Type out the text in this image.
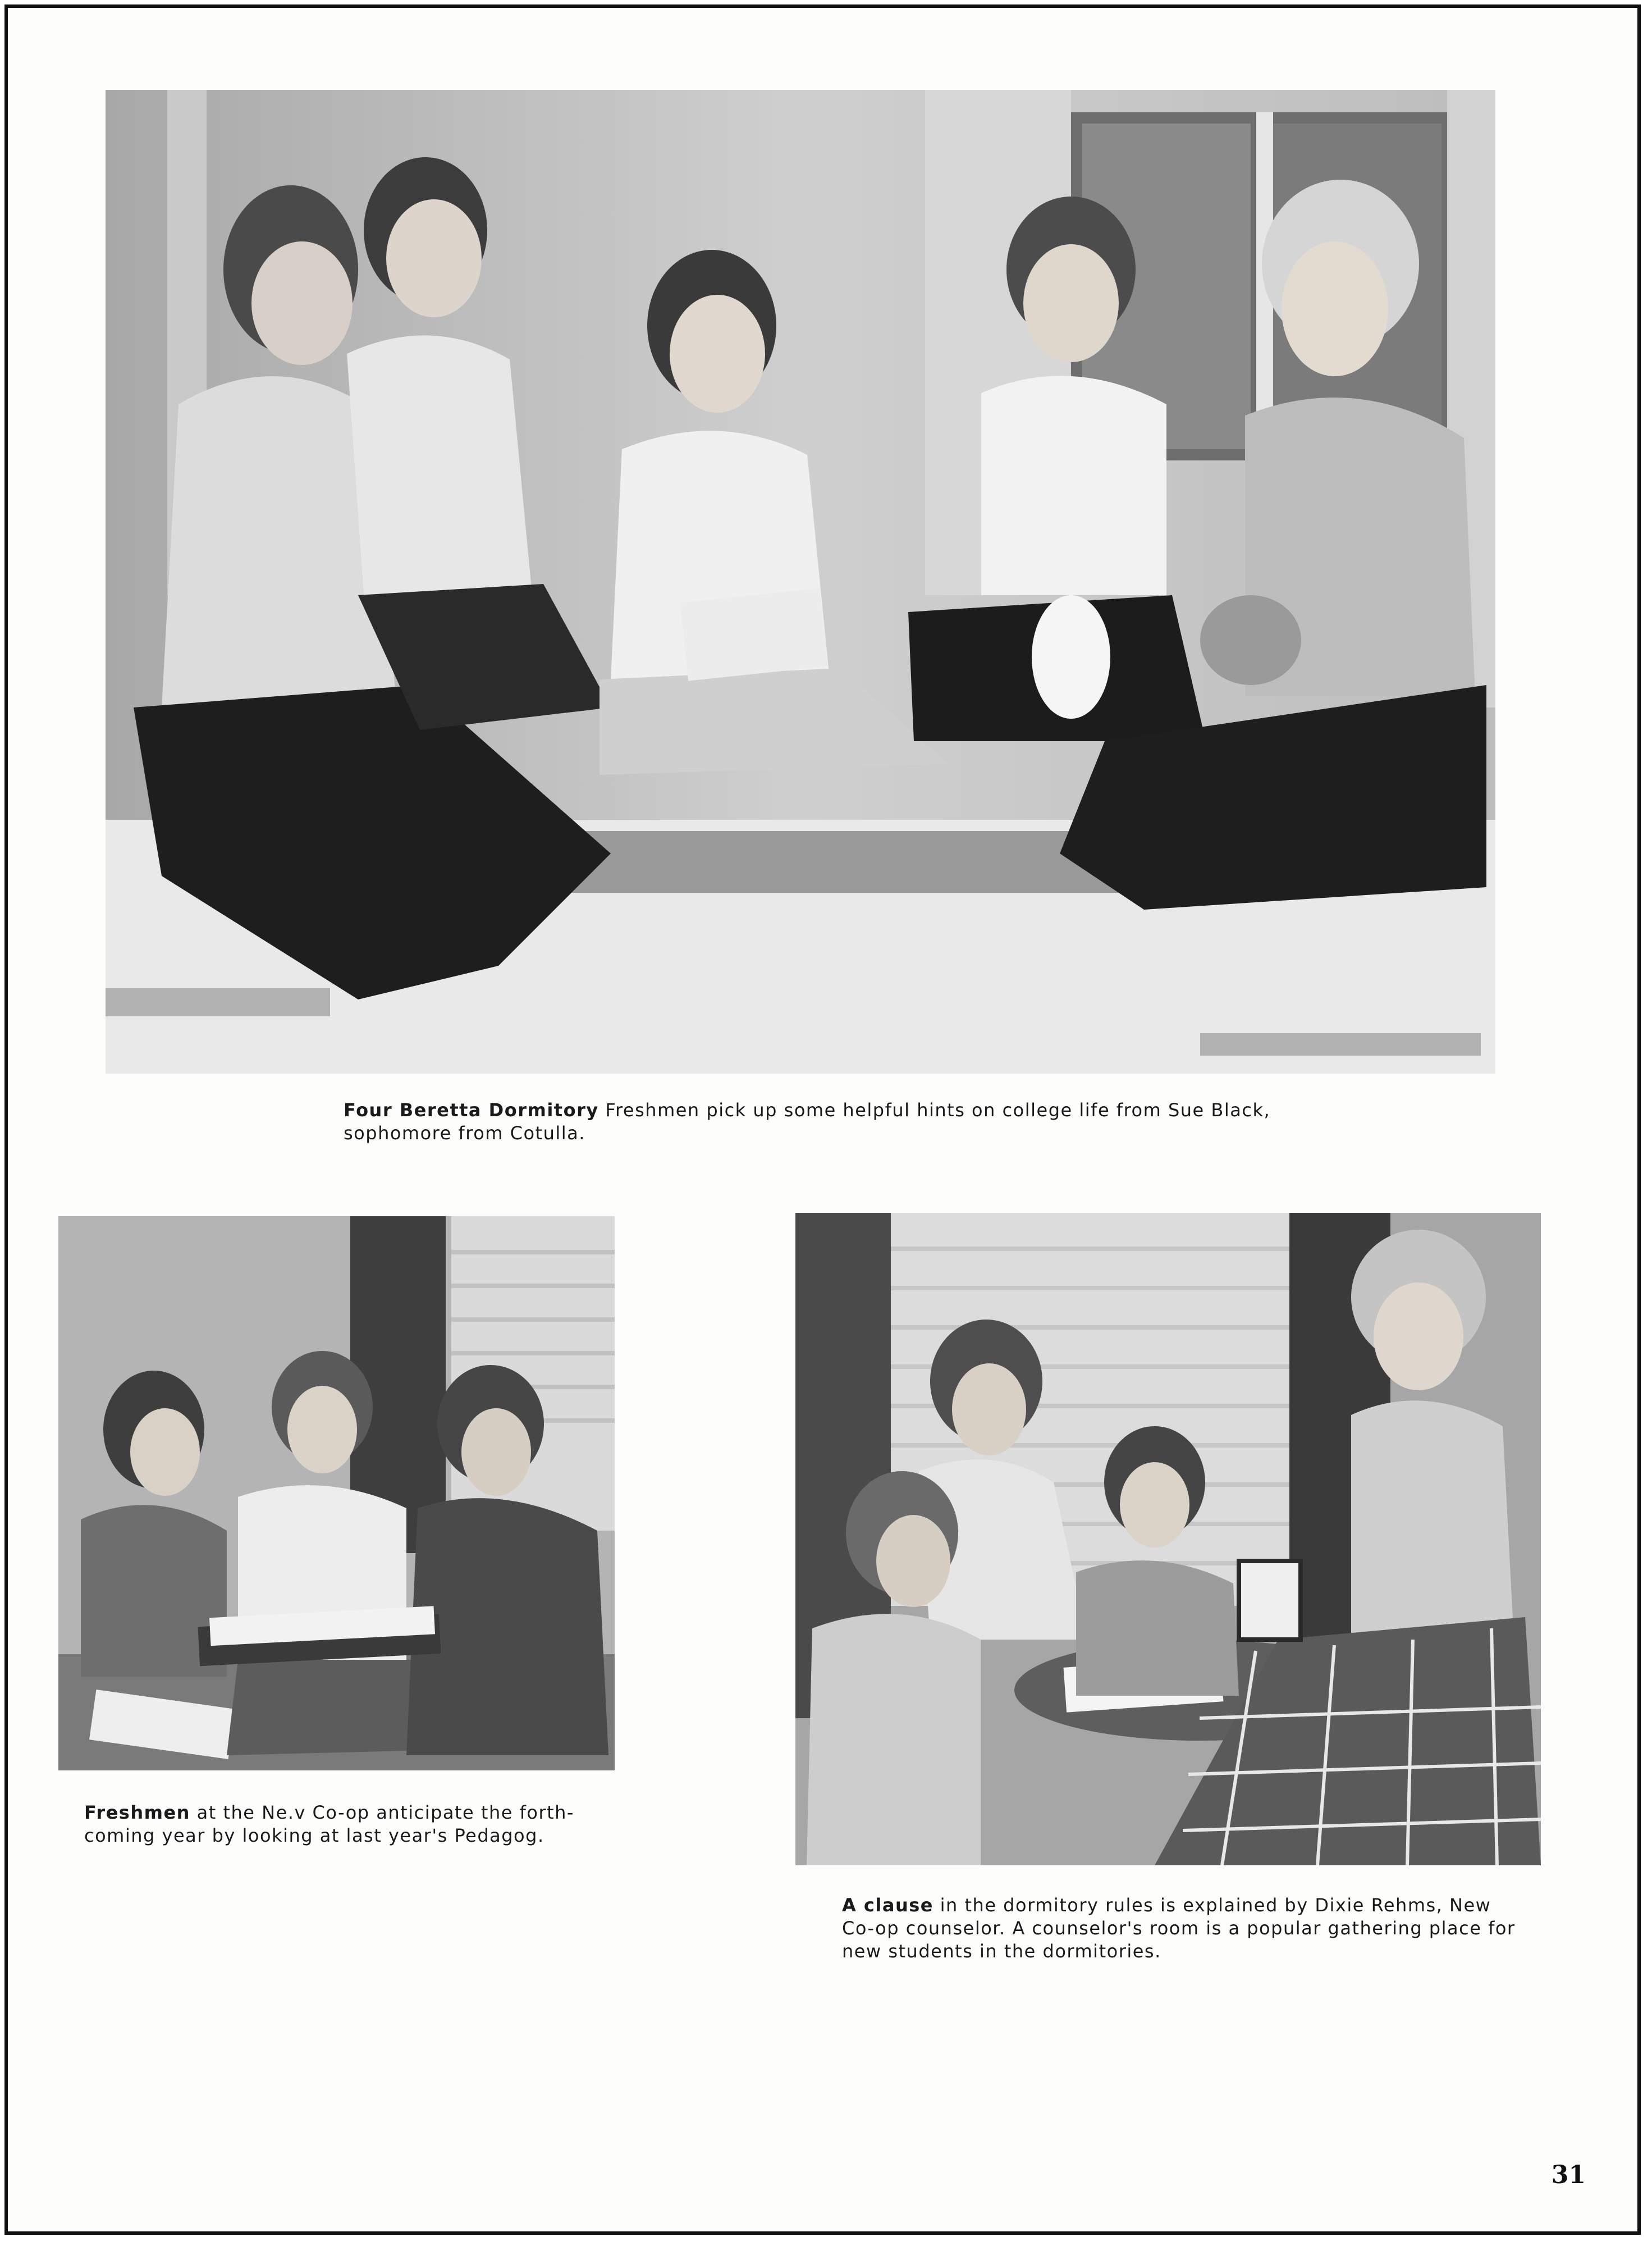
Four Beretta Dormitory Freshmen pick up some helpful hints on college life from Sue Black,
sophomore from Cotulla.
Freshmen at the Ne.v Co-op anticipate the forth-
coming year by looking at last year's Pedagog.
A clause in the dormitory rules is explained by Dixie Rehms, New
Co-op counselor. A counselor's room is a popular gathering place for
new students in the dormitories.
31
